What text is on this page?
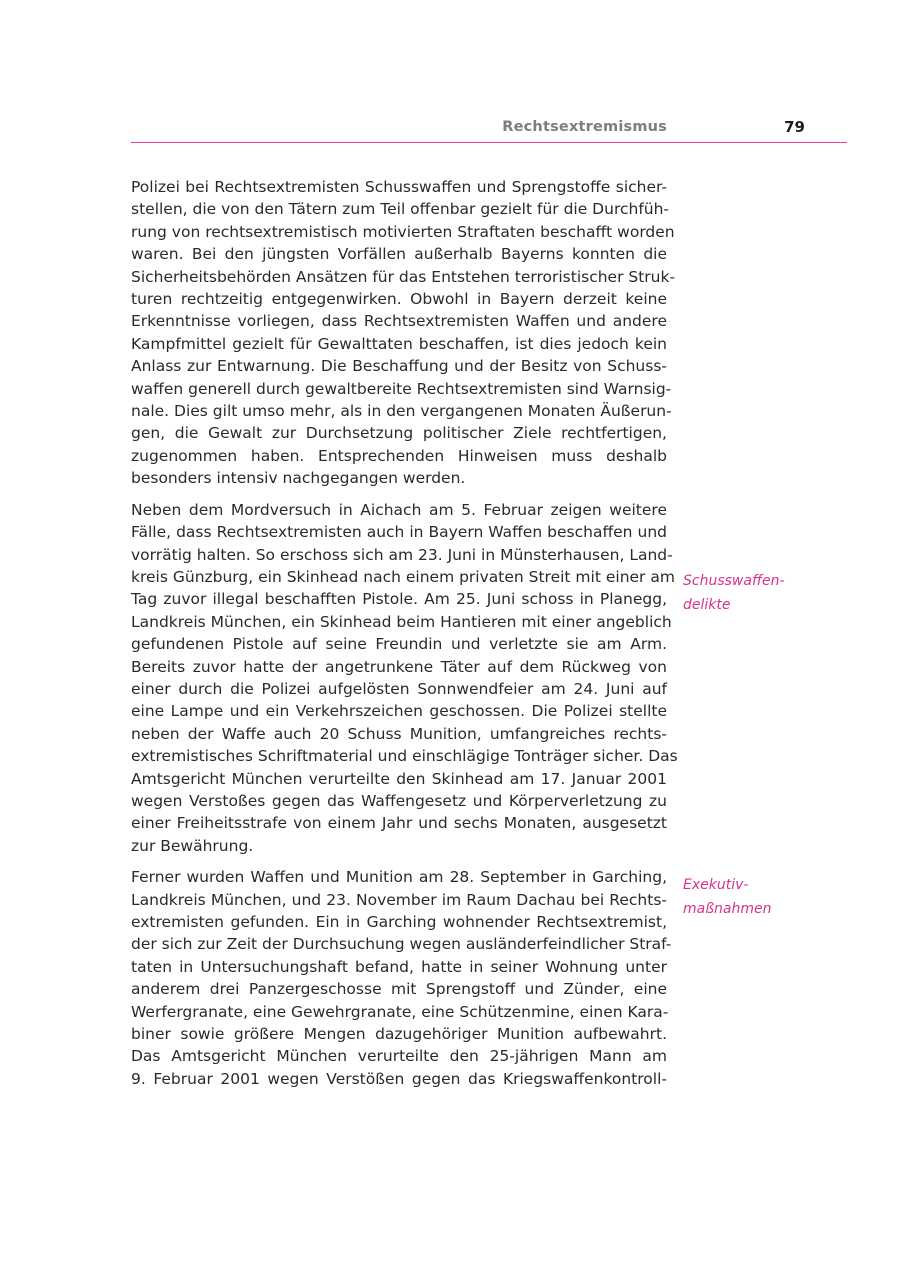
Rechtsextremismus	79

Polizei bei Rechtsextremisten Schusswaffen und Sprengstoffe sicher-
stellen, die von den Tätern zum Teil offenbar gezielt für die Durchfüh-
rung von rechtsextremistisch motivierten Straftaten beschafft worden
waren. Bei den jüngsten Vorfällen außerhalb Bayerns konnten die
Sicherheitsbehörden Ansätzen für das Entstehen terroristischer Struk-
turen rechtzeitig entgegenwirken. Obwohl in Bayern derzeit keine
Erkenntnisse vorliegen, dass Rechtsextremisten Waffen und andere
Kampfmittel gezielt für Gewalttaten beschaffen, ist dies jedoch kein
Anlass zur Entwarnung. Die Beschaffung und der Besitz von Schuss-
waffen generell durch gewaltbereite Rechtsextremisten sind Warnsig-
nale. Dies gilt umso mehr, als in den vergangenen Monaten Äußerun-
gen, die Gewalt zur Durchsetzung politischer Ziele rechtfertigen,
zugenommen haben. Entsprechenden Hinweisen muss deshalb
besonders intensiv nachgegangen werden.

Neben dem Mordversuch in Aichach am 5. Februar zeigen weitere
Fälle, dass Rechtsextremisten auch in Bayern Waffen beschaffen und
vorrätig halten. So erschoss sich am 23. Juni in Münsterhausen, Land-
kreis Günzburg, ein Skinhead nach einem privaten Streit mit einer am
Tag zuvor illegal beschafften Pistole. Am 25. Juni schoss in Planegg,
Landkreis München, ein Skinhead beim Hantieren mit einer angeblich
gefundenen Pistole auf seine Freundin und verletzte sie am Arm.
Bereits zuvor hatte der angetrunkene Täter auf dem Rückweg von
einer durch die Polizei aufgelösten Sonnwendfeier am 24. Juni auf
eine Lampe und ein Verkehrszeichen geschossen. Die Polizei stellte
neben der Waffe auch 20 Schuss Munition, umfangreiches rechts-
extremistisches Schriftmaterial und einschlägige Tonträger sicher. Das
Amtsgericht München verurteilte den Skinhead am 17. Januar 2001
wegen Verstoßes gegen das Waffengesetz und Körperverletzung zu
einer Freiheitsstrafe von einem Jahr und sechs Monaten, ausgesetzt
zur Bewährung.

Ferner wurden Waffen und Munition am 28. September in Garching,
Landkreis München, und 23. November im Raum Dachau bei Rechts-
extremisten gefunden. Ein in Garching wohnender Rechtsextremist,
der sich zur Zeit der Durchsuchung wegen ausländerfeindlicher Straf-
taten in Untersuchungshaft befand, hatte in seiner Wohnung unter
anderem drei Panzergeschosse mit Sprengstoff und Zünder, eine
Werfergranate, eine Gewehrgranate, eine Schützenmine, einen Kara-
biner sowie größere Mengen dazugehöriger Munition aufbewahrt.
Das Amtsgericht München verurteilte den 25-jährigen Mann am
9. Februar 2001 wegen Verstößen gegen das Kriegswaffenkontroll-

Schusswaffen-
delikte
Exekutiv-
maßnahmen
